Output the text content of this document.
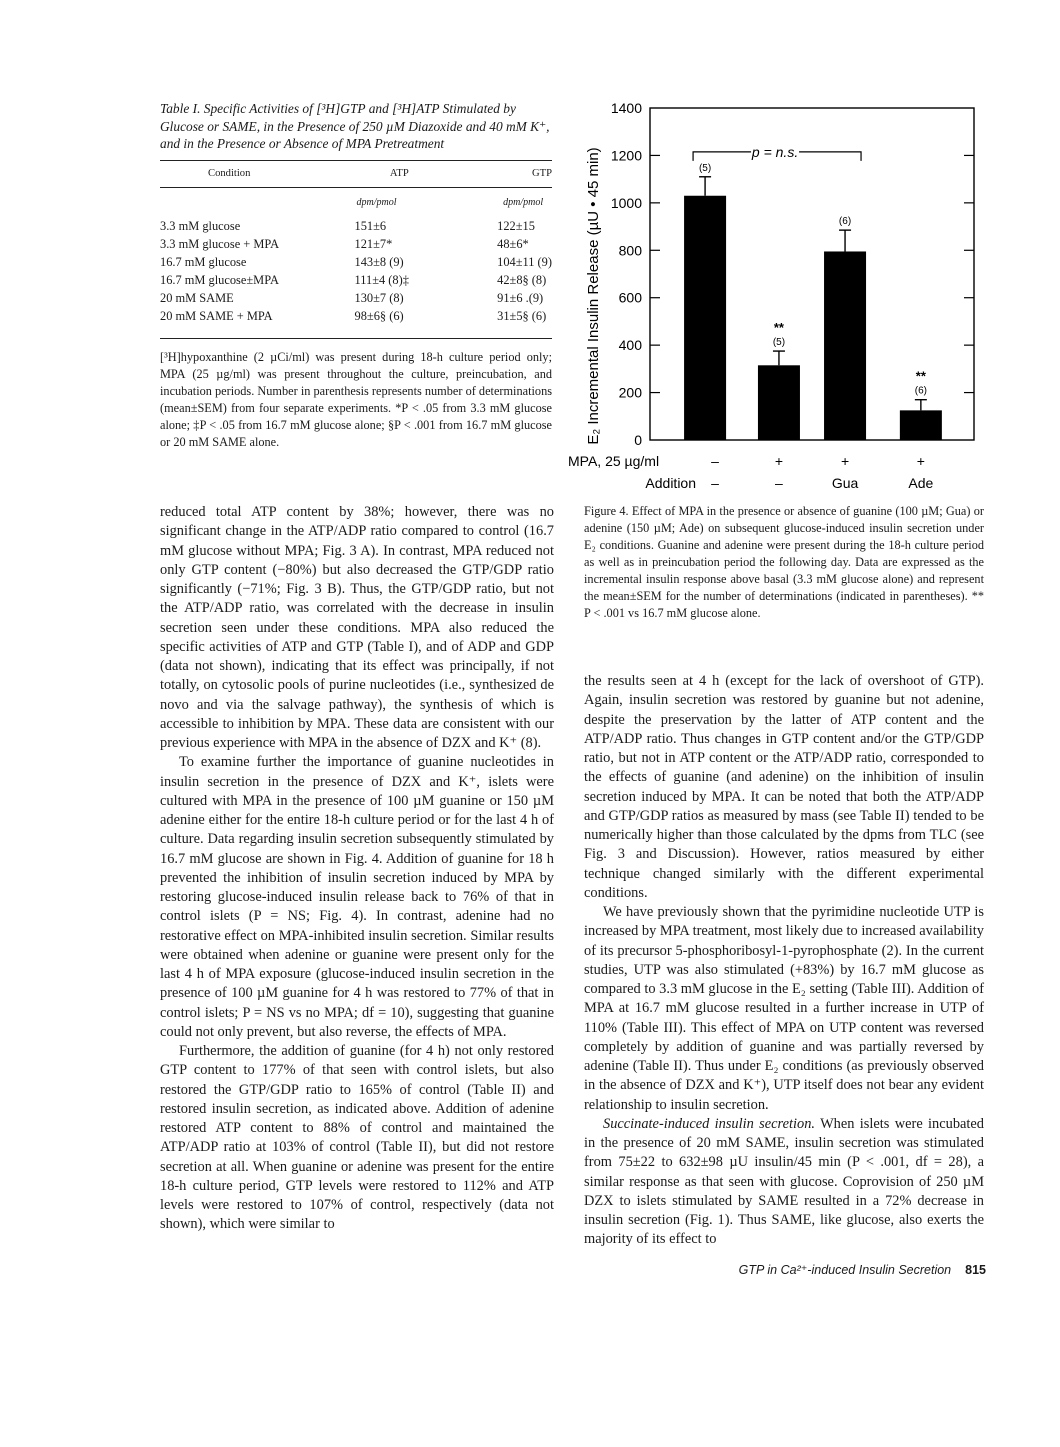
Table I. Specific Activities of [³H]GTP and [³H]ATP Stimulated by Glucose or SAME, in the Presence of 250 µM Diazoxide and 40 mM K⁺, and in the Presence or Absence of MPA Pretreatment

Condition	ATP	GTP
	dpm/pmol	dpm/pmol
3.3 mM glucose	151±6	122±15
3.3 mM glucose + MPA	121±7*	48±6*
16.7 mM glucose	143±8 (9)	104±11 (9)
16.7 mM glucose±MPA	111±4 (8)‡	42±8§ (8)
20 mM SAME	130±7 (8)	91±6 .(9)
20 mM SAME + MPA	98±6§ (6)	31±5§ (6)

[³H]hypoxanthine (2 µCi/ml) was present during 18-h culture period only; MPA (25 µg/ml) was present throughout the culture, preincubation, and incubation periods. Number in parenthesis represents number of determinations (mean±SEM) from four separate experiments. *P < .05 from 3.3 mM glucose alone; ‡P < .05 from 16.7 mM glucose alone; §P < .001 from 16.7 mM glucose or 20 mM SAME alone.	E₂ Incremental Insulin Release (µU • 45 min) 0
200
400
600
800
1000
1200
1400
(5)
(5)
**
(6)
(6)
**
p = n.s.
MPA, 25 µg/ml
Addition
–
–
+
–
+
Gua
+
Ade

Figure 4. Effect of MPA in the presence or absence of guanine (100 µM; Gua) or adenine (150 µM; Ade) on subsequent glucose-induced insulin secretion under E₂ conditions. Guanine and adenine were present during the 18-h culture period as well as in preincubation period the following day. Data are expressed as the incremental insulin response above basal (3.3 mM glucose alone) and represent the mean±SEM for the number of determinations (indicated in parentheses). ** P < .001 vs 16.7 mM glucose alone.

reduced total ATP content by 38%; however, there was no significant change in the ATP/ADP ratio compared to control (16.7 mM glucose without MPA; Fig. 3 A). In contrast, MPA reduced not only GTP content (−80%) but also decreased the GTP/GDP ratio significantly (−71%; Fig. 3 B). Thus, the GTP/GDP ratio, but not the ATP/ADP ratio, was correlated with the decrease in insulin secretion seen under these conditions. MPA also reduced the specific activities of ATP and GTP (Table I), and of ADP and GDP (data not shown), indicating that its effect was principally, if not totally, on cytosolic pools of purine nucleotides (i.e., synthesized de novo and via the salvage pathway), the synthesis of which is accessible to inhibition by MPA. These data are consistent with our previous experience with MPA in the absence of DZX and K⁺ (8).

To examine further the importance of guanine nucleotides in insulin secretion in the presence of DZX and K⁺, islets were cultured with MPA in the presence of 100 µM guanine or 150 µM adenine either for the entire 18-h culture period or for the last 4 h of culture. Data regarding insulin secretion subsequently stimulated by 16.7 mM glucose are shown in Fig. 4. Addition of guanine for 18 h prevented the inhibition of insulin secretion induced by MPA by restoring glucose-induced insulin release back to 76% of that in control islets (P = NS; Fig. 4). In contrast, adenine had no restorative effect on MPA-inhibited insulin secretion. Similar results were obtained when adenine or guanine were present only for the last 4 h of MPA exposure (glucose-induced insulin secretion in the presence of 100 µM guanine for 4 h was restored to 77% of that in control islets; P = NS vs no MPA; df = 10), suggesting that guanine could not only prevent, but also reverse, the effects of MPA.

Furthermore, the addition of guanine (for 4 h) not only restored GTP content to 177% of that seen with control islets, but also restored the GTP/GDP ratio to 165% of control (Table II) and restored insulin secretion, as indicated above. Addition of adenine restored ATP content to 88% of control and maintained the ATP/ADP ratio at 103% of control (Table II), but did not restore secretion at all. When guanine or adenine was present for the entire 18-h culture period, GTP levels were restored to 112% and ATP levels were restored to 107% of control, respectively (data not shown), which were similar to

the results seen at 4 h (except for the lack of overshoot of GTP). Again, insulin secretion was restored by guanine but not adenine, despite the preservation by the latter of ATP content and the ATP/ADP ratio. Thus changes in GTP content and/or the GTP/GDP ratio, but not in ATP content or the ATP/ADP ratio, corresponded to the effects of guanine (and adenine) on the inhibition of insulin secretion induced by MPA. It can be noted that both the ATP/ADP and GTP/GDP ratios as measured by mass (see Table II) tended to be numerically higher than those calculated by the dpms from TLC (see Fig. 3 and Discussion). However, ratios measured by either technique changed similarly with the different experimental conditions.

We have previously shown that the pyrimidine nucleotide UTP is increased by MPA treatment, most likely due to increased availability of its precursor 5-phosphoribosyl-1-pyrophosphate (2). In the current studies, UTP was also stimulated (+83%) by 16.7 mM glucose as compared to 3.3 mM glucose in the E₂ setting (Table III). Addition of MPA at 16.7 mM glucose resulted in a further increase in UTP of 110% (Table III). This effect of MPA on UTP content was reversed completely by addition of guanine and was partially reversed by adenine (Table II). Thus under E₂ conditions (as previously observed in the absence of DZX and K⁺), UTP itself does not bear any evident relationship to insulin secretion.

Succinate-induced insulin secretion. When islets were incubated in the presence of 20 mM SAME, insulin secretion was stimulated from 75±22 to 632±98 µU insulin/45 min (P < .001, df = 28), a similar response as that seen with glucose. Coprovision of 250 µM DZX to islets stimulated by SAME resulted in a 72% decrease in insulin secretion (Fig. 1). Thus SAME, like glucose, also exerts the majority of its effect to

GTP in Ca²⁺-induced Insulin Secretion 815
